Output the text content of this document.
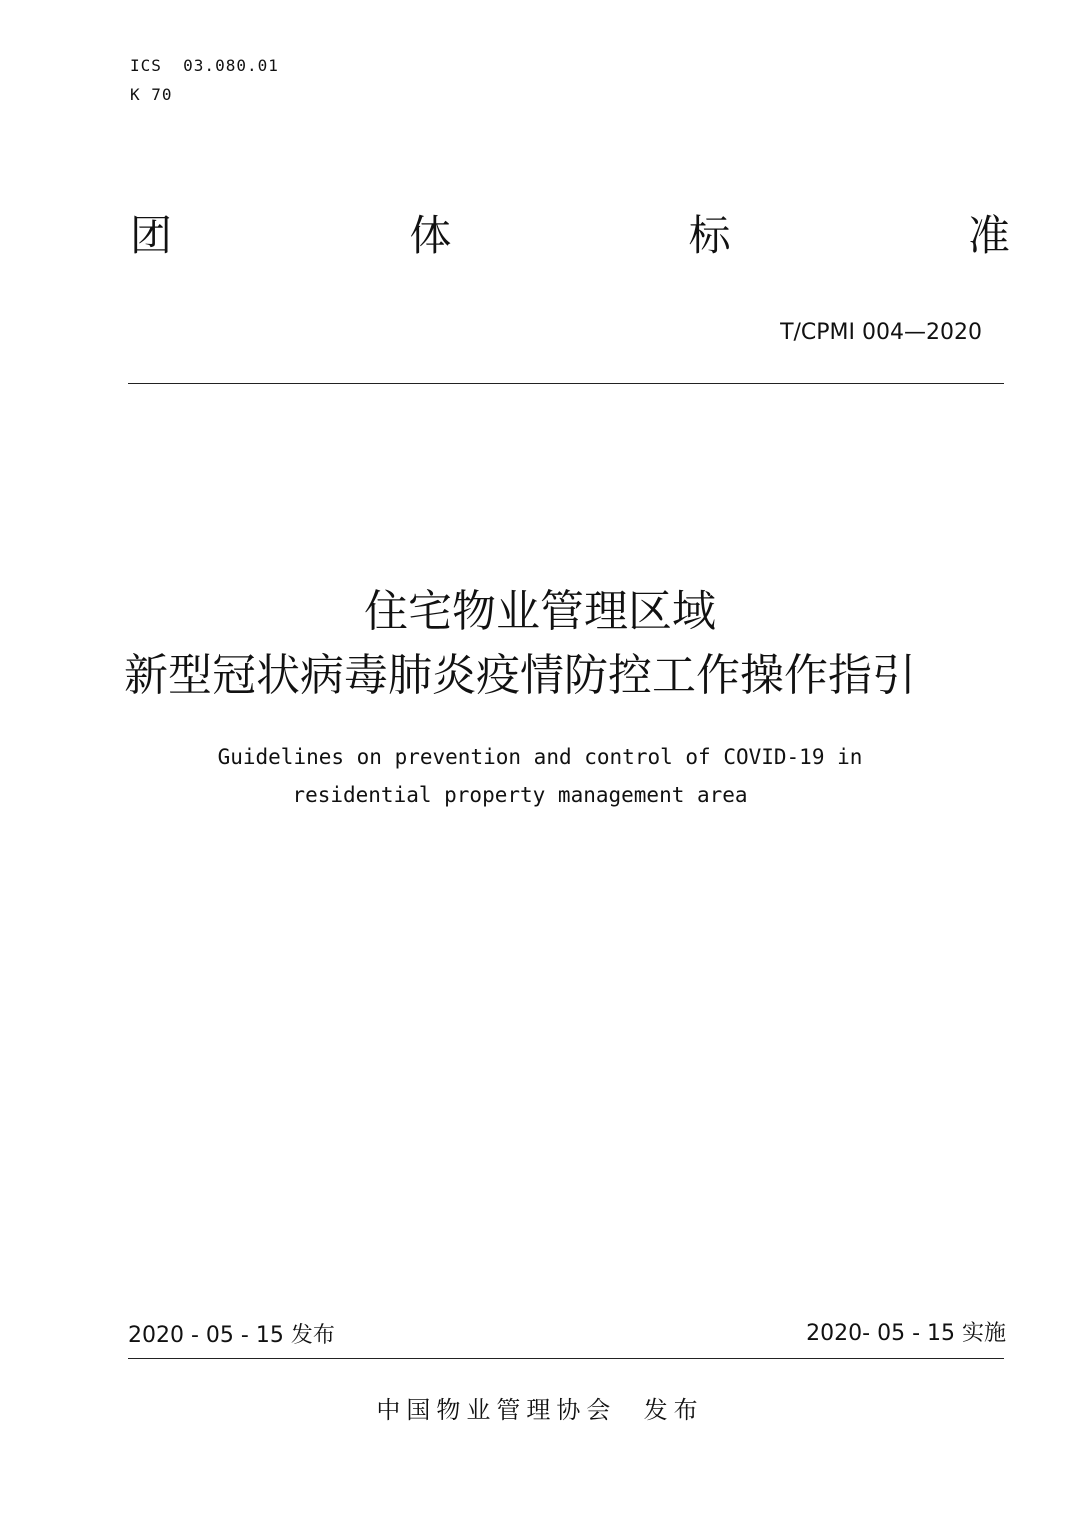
ICS  03.080.01
K 70
团	体	标	准
T/CPMI 004—2020
住宅物业管理区域
新型冠状病毒肺炎疫情防控工作操作指引
Guidelines on prevention and control of COVID-19 in
residential property management area
2020 - 05 - 15 发布	2020- 05 - 15 实施
中国物业管理协会  发布
